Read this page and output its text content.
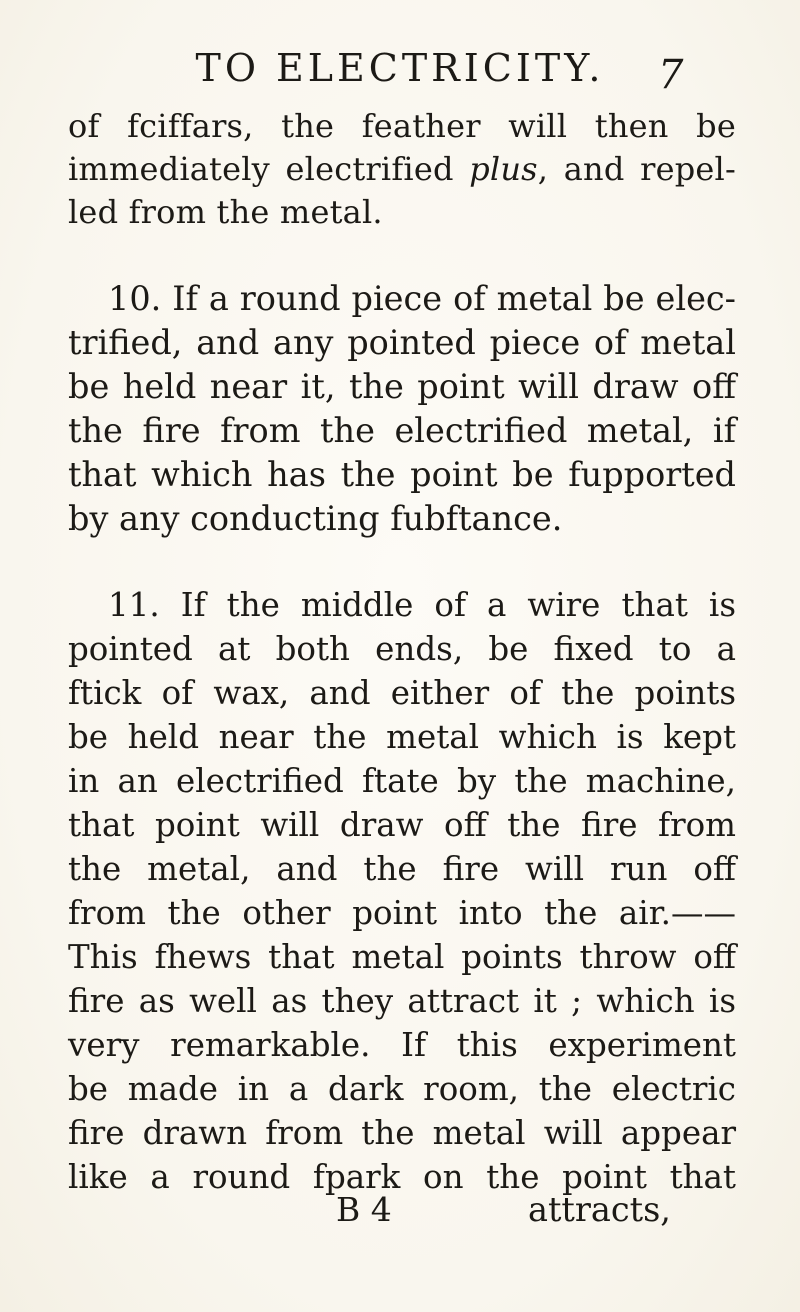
TO ELECTRICITY.	7
of fciffars, the feather will then be
immediately electrified plus, and repel-
led from the metal.
10. If a round piece of metal be elec-
trified, and any pointed piece of metal
be held near it, the point will draw off
the fire from the electrified metal, if
that which has the point be fupported
by any conducting fubftance.
11. If the middle of a wire that is
pointed at both ends, be fixed to a
ftick of wax, and either of the points
be held near the metal which is kept
in an electrified ftate by the machine,
that point will draw off the fire from
the metal, and the fire will run off
from the other point into the air.——
This fhews that metal points throw off
fire as well as they attract it ; which is
very remarkable. If this experiment
be made in a dark room, the electric
fire drawn from the metal will appear
like a round fpark on the point that
B 4	attracts,
